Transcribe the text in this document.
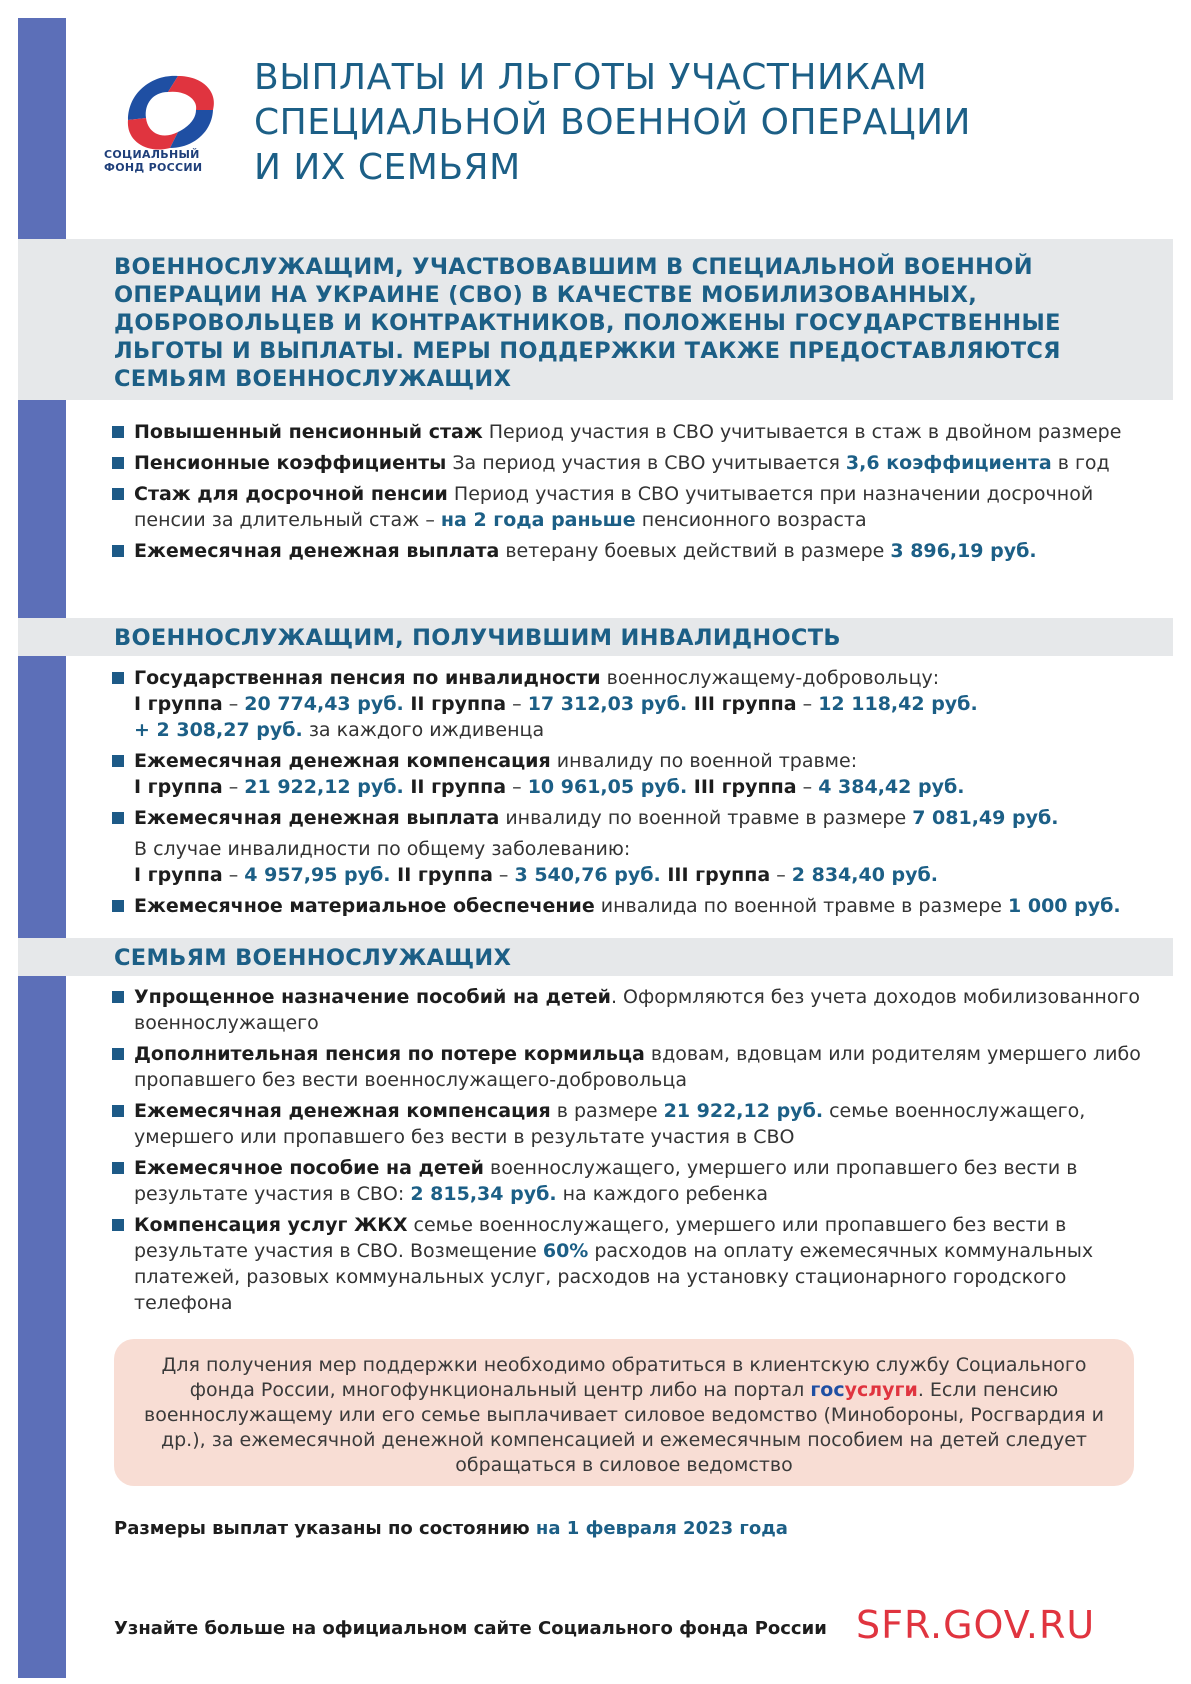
СОЦИАЛЬНЫЙ
ФОНД РОССИИ
ВЫПЛАТЫ И ЛЬГОТЫ УЧАСТНИКАМ
СПЕЦИАЛЬНОЙ ВОЕННОЙ ОПЕРАЦИИ
И ИХ СЕМЬЯМ
ВОЕННОСЛУЖАЩИМ, УЧАСТВОВАВШИМ В СПЕЦИАЛЬНОЙ ВОЕННОЙ
ОПЕРАЦИИ НА УКРАИНЕ (СВО) В КАЧЕСТВЕ МОБИЛИЗОВАННЫХ,
ДОБРОВОЛЬЦЕВ И КОНТРАКТНИКОВ, ПОЛОЖЕНЫ ГОСУДАРСТВЕННЫЕ
ЛЬГОТЫ И ВЫПЛАТЫ. МЕРЫ ПОДДЕРЖКИ ТАКЖЕ ПРЕДОСТАВЛЯЮТСЯ
СЕМЬЯМ ВОЕННОСЛУЖАЩИХ
Повышенный пенсионный стаж Период участия в СВО учитывается в стаж в двойном размере
Пенсионные коэффициенты За период участия в СВО учитывается 3,6 коэффициента в год
Стаж для досрочной пенсии Период участия в СВО учитывается при назначении досрочной пенсии за длительный стаж – на 2 года раньше пенсионного возраста
Ежемесячная денежная выплата ветерану боевых действий в размере 3 896,19 руб.
ВОЕННОСЛУЖАЩИМ, ПОЛУЧИВШИМ ИНВАЛИДНОСТЬ
Государственная пенсия по инвалидности военнослужащему-добровольцу:
I группа – 20 774,43 руб. II группа – 17 312,03 руб. III группа – 12 118,42 руб.
+ 2 308,27 руб. за каждого иждивенца
Ежемесячная денежная компенсация инвалиду по военной травме:
I группа – 21 922,12 руб. II группа – 10 961,05 руб. III группа – 4 384,42 руб.
Ежемесячная денежная выплата инвалиду по военной травме в размере 7 081,49 руб.
В случае инвалидности по общему заболеванию:
I группа – 4 957,95 руб. II группа – 3 540,76 руб. III группа – 2 834,40 руб.
Ежемесячное материальное обеспечение инвалида по военной травме в размере 1 000 руб.
СЕМЬЯМ ВОЕННОСЛУЖАЩИХ
Упрощенное назначение пособий на детей. Оформляются без учета доходов мобилизованного военнослужащего
Дополнительная пенсия по потере кормильца вдовам, вдовцам или родителям умершего либо пропавшего без вести военнослужащего-добровольца
Ежемесячная денежная компенсация в размере 21 922,12 руб. семье военнослужащего, умершего или пропавшего без вести в результате участия в СВО
Ежемесячное пособие на детей военнослужащего, умершего или пропавшего без вести в результате участия в СВО: 2 815,34 руб. на каждого ребенка
Компенсация услуг ЖКХ семье военнослужащего, умершего или пропавшего без вести в результате участия в СВО. Возмещение 60% расходов на оплату ежемесячных коммунальных платежей, разовых коммунальных услуг, расходов на установку стационарного городского телефона
Для получения мер поддержки необходимо обратиться в клиентскую службу Социального фонда России, многофункциональный центр либо на портал госуслуги. Если пенсию военнослужащему или его семье выплачивает силовое ведомство (Минобороны, Росгвардия и др.), за ежемесячной денежной компенсацией и ежемесячным пособием на детей следует обращаться в силовое ведомство
Размеры выплат указаны по состоянию на 1 февраля 2023 года
Узнайте больше на официальном сайте Социального фонда России SFR.GOV.RU
